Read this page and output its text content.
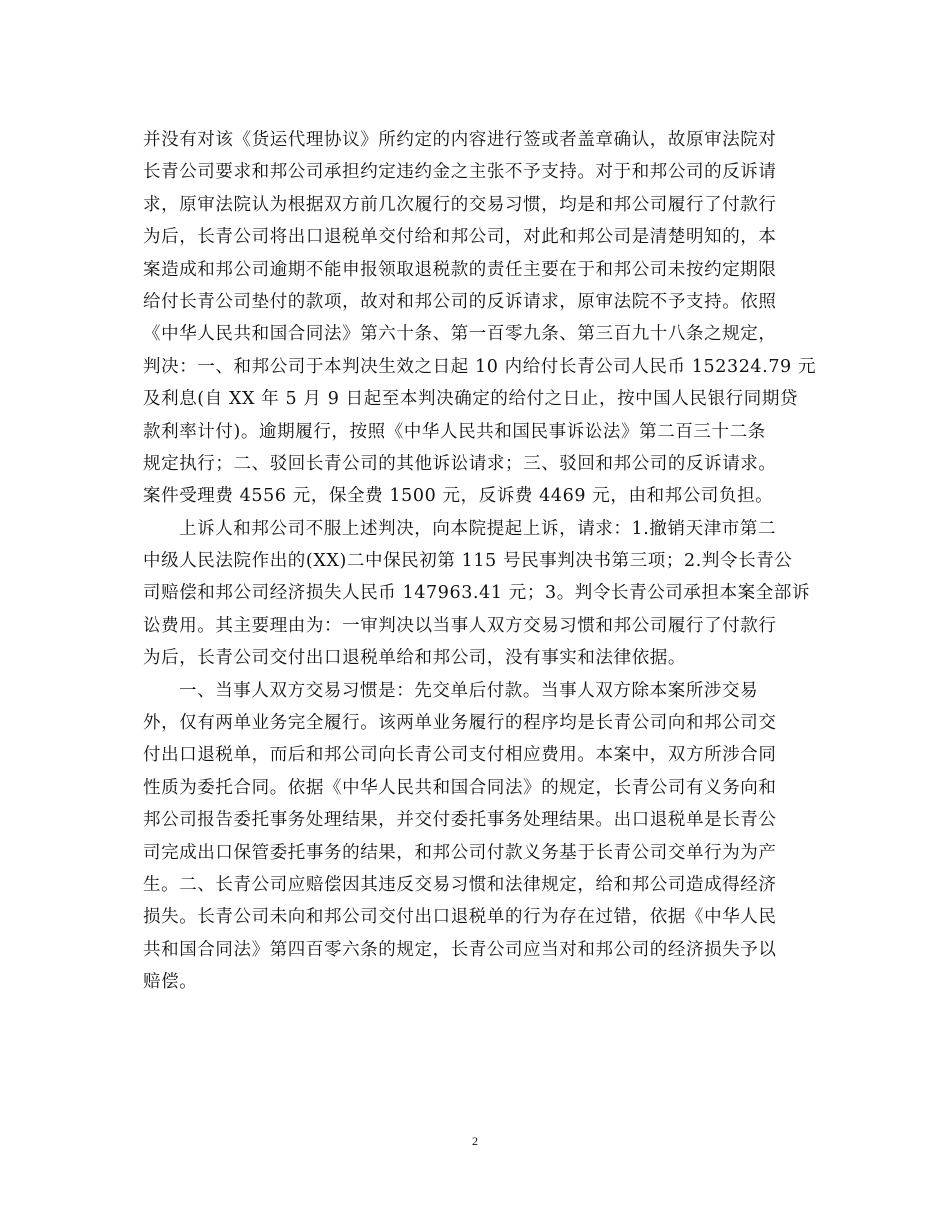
并没有对该《货运代理协议》所约定的内容进行签或者盖章确认，故原审法院对
长青公司要求和邦公司承担约定违约金之主张不予支持。对于和邦公司的反诉请
求，原审法院认为根据双方前几次履行的交易习惯，均是和邦公司履行了付款行
为后，长青公司将出口退税单交付给和邦公司，对此和邦公司是清楚明知的，本
案造成和邦公司逾期不能申报领取退税款的责任主要在于和邦公司未按约定期限
给付长青公司垫付的款项，故对和邦公司的反诉请求，原审法院不予支持。依照
《中华人民共和国合同法》第六十条、第一百零九条、第三百九十八条之规定，
判决：一、和邦公司于本判决生效之日起 10 内给付长青公司人民币 152324.79 元
及利息(自 XX 年 5 月 9 日起至本判决确定的给付之日止，按中国人民银行同期贷
款利率计付)。逾期履行，按照《中华人民共和国民事诉讼法》第二百三十二条
规定执行；二、驳回长青公司的其他诉讼请求；三、驳回和邦公司的反诉请求。
案件受理费 4556 元，保全费 1500 元，反诉费 4469 元，由和邦公司负担。
上诉人和邦公司不服上述判决，向本院提起上诉，请求：1.撤销天津市第二
中级人民法院作出的(XX)二中保民初第 115 号民事判决书第三项；2.判令长青公
司赔偿和邦公司经济损失人民币 147963.41 元；3。判令长青公司承担本案全部诉
讼费用。其主要理由为：一审判决以当事人双方交易习惯和邦公司履行了付款行
为后，长青公司交付出口退税单给和邦公司，没有事实和法律依据。
一、当事人双方交易习惯是：先交单后付款。当事人双方除本案所涉交易
外，仅有两单业务完全履行。该两单业务履行的程序均是长青公司向和邦公司交
付出口退税单，而后和邦公司向长青公司支付相应费用。本案中，双方所涉合同
性质为委托合同。依据《中华人民共和国合同法》的规定，长青公司有义务向和
邦公司报告委托事务处理结果，并交付委托事务处理结果。出口退税单是长青公
司完成出口保管委托事务的结果，和邦公司付款义务基于长青公司交单行为为产
生。二、长青公司应赔偿因其违反交易习惯和法律规定，给和邦公司造成得经济
损失。长青公司未向和邦公司交付出口退税单的行为存在过错，依据《中华人民
共和国合同法》第四百零六条的规定，长青公司应当对和邦公司的经济损失予以
赔偿。
2
